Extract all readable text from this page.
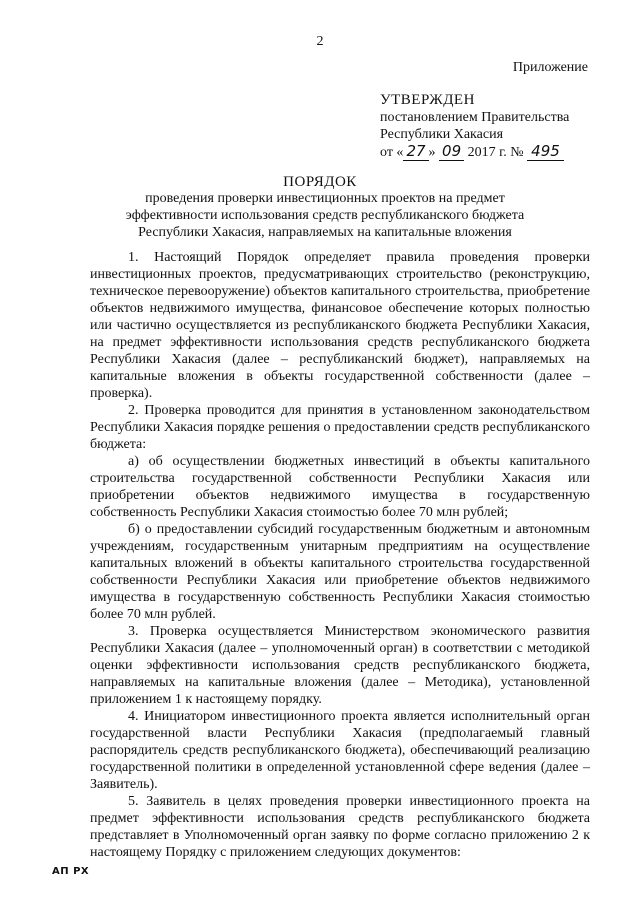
2
Приложение
УТВЕРЖДЕН
постановлением Правительства
Республики Хакасия
от « 27 » 09 2017 г. № 495
ПОРЯДОК
проведения проверки инвестиционных проектов на предмет эффективности использования средств республиканского бюджета Республики Хакасия, направляемых на капитальные вложения

1. Настоящий Порядок определяет правила проведения проверки инвестиционных проектов, предусматривающих строительство (реконструкцию, техническое перевооружение) объектов капитального строительства, приобретение объектов недвижимого имущества, финансовое обеспечение которых полностью или частично осуществляется из республиканского бюджета Республики Хакасия, на предмет эффективности использования средств республиканского бюджета Республики Хакасия (далее – республиканский бюджет), направляемых на капитальные вложения в объекты государственной собственности (далее – проверка).

2. Проверка проводится для принятия в установленном законодательством Республики Хакасия порядке решения о предоставлении средств республиканского бюджета:

а) об осуществлении бюджетных инвестиций в объекты капитального строительства государственной собственности Республики Хакасия или приобретении объектов недвижимого имущества в государственную собственность Республики Хакасия стоимостью более 70 млн рублей;

б) о предоставлении субсидий государственным бюджетным и автономным учреждениям, государственным унитарным предприятиям на осуществление капитальных вложений в объекты капитального строительства государственной собственности Республики Хакасия или приобретение объектов недвижимого имущества в государственную собственность Республики Хакасия стоимостью более 70 млн рублей.

3. Проверка осуществляется Министерством экономического развития Республики Хакасия (далее – уполномоченный орган) в соответствии с методикой оценки эффективности использования средств республиканского бюджета, направляемых на капитальные вложения (далее – Методика), установленной приложением 1 к настоящему порядку.

4. Инициатором инвестиционного проекта является исполнительный орган государственной власти Республики Хакасия (предполагаемый главный распорядитель средств республиканского бюджета), обеспечивающий реализацию государственной политики в определенной установленной сфере ведения (далее – Заявитель).

5. Заявитель в целях проведения проверки инвестиционного проекта на предмет эффективности использования средств республиканского бюджета представляет в Уполномоченный орган заявку по форме согласно приложению 2 к настоящему Порядку с приложением следующих документов:

АП РХ
